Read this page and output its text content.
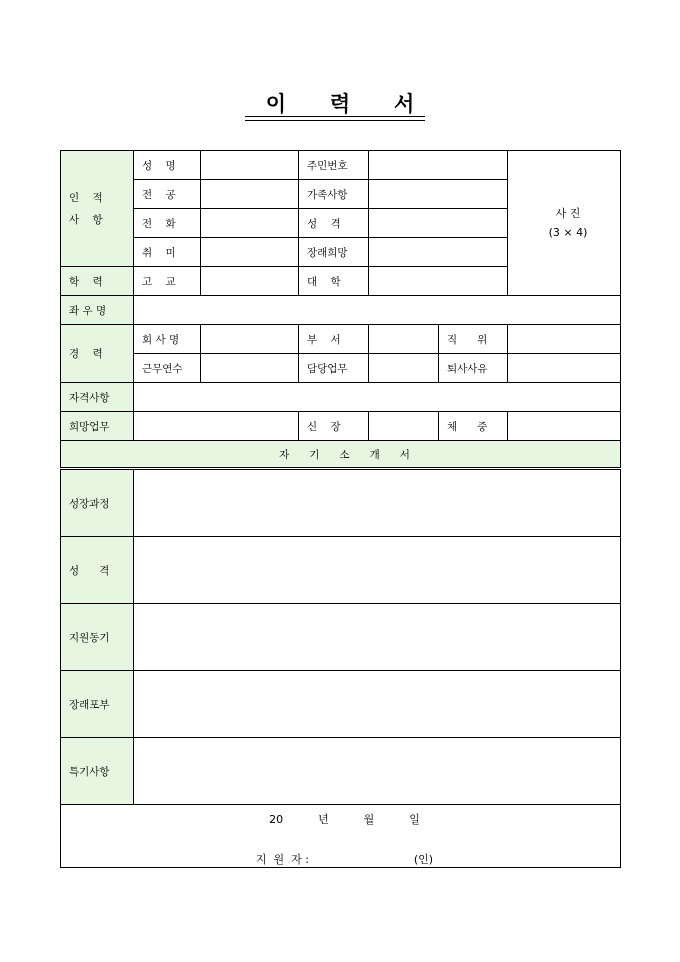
이      력      서
인    적
사    항	성    명		주민번호			사 진
(3 × 4)
	전    공		가족사항			
	전    화		성    격			
	취    미		장래희망			
학    력	고    교		대    학			
좌 우 명						
경    력	회 사 명		부    서		직      위	
	근무연수		담당업무		퇴사사유	
자격사항						
희망업무			신    장		체      중	
자      기      소      개      서						
성장과정						
성      격						
지원동기						
장래포부						
특기사항						

20          년          월          일
지  원  자 :                              (인)						
